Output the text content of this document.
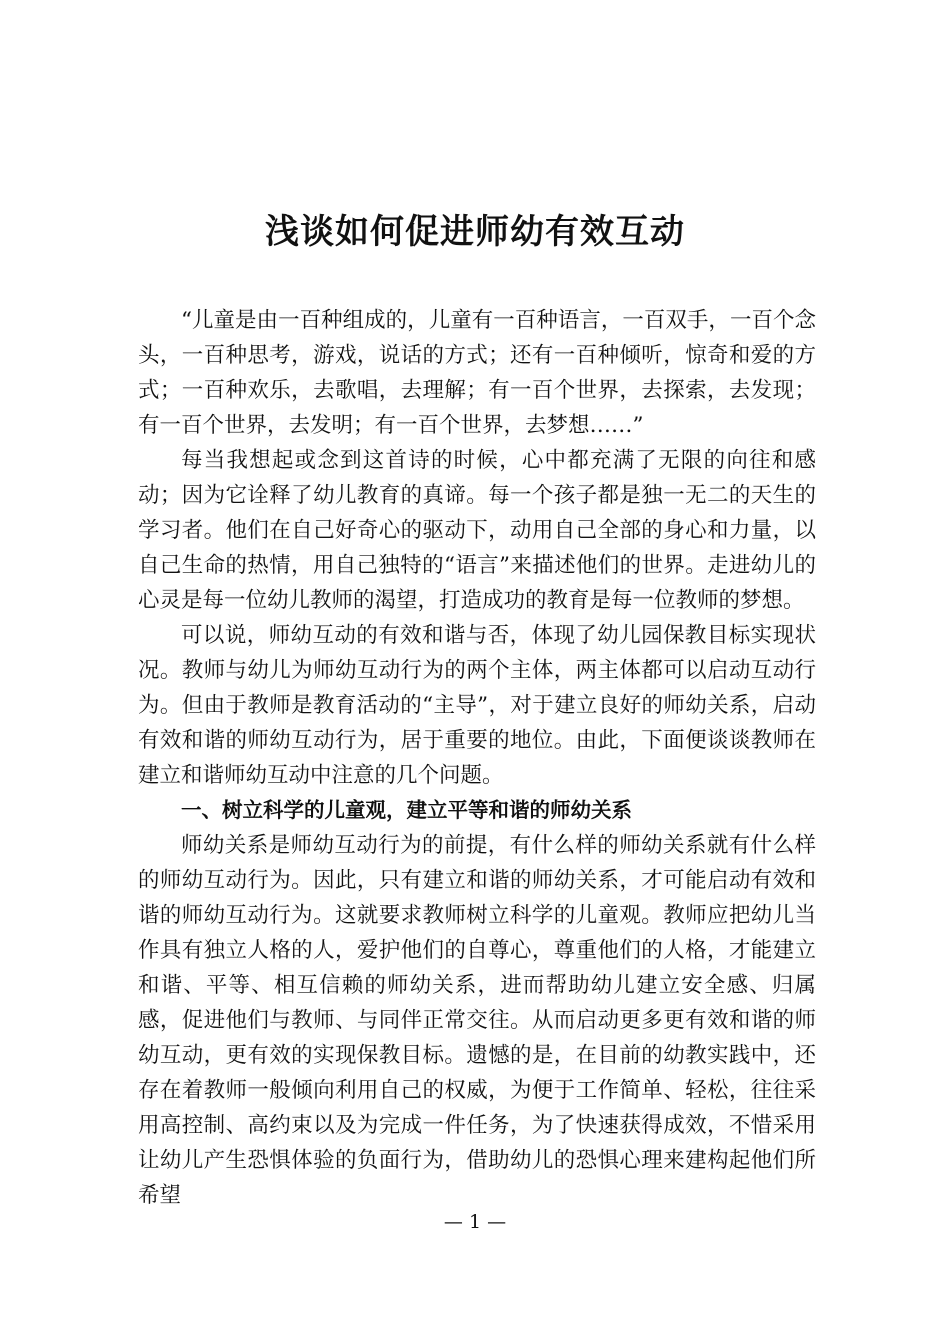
浅谈如何促进师幼有效互动

“儿童是由一百种组成的，儿童有一百种语言，一百双手，一百个念头，一百种思考，游戏，说话的方式；还有一百种倾听，惊奇和爱的方式；一百种欢乐，去歌唱，去理解；有一百个世界，去探索，去发现；有一百个世界，去发明；有一百个世界，去梦想……”

每当我想起或念到这首诗的时候，心中都充满了无限的向往和感动；因为它诠释了幼儿教育的真谛。每一个孩子都是独一无二的天生的学习者。他们在自己好奇心的驱动下，动用自己全部的身心和力量，以自己生命的热情，用自己独特的“语言”来描述他们的世界。走进幼儿的心灵是每一位幼儿教师的渴望，打造成功的教育是每一位教师的梦想。

可以说，师幼互动的有效和谐与否，体现了幼儿园保教目标实现状况。教师与幼儿为师幼互动行为的两个主体，两主体都可以启动互动行为。但由于教师是教育活动的“主导”，对于建立良好的师幼关系，启动有效和谐的师幼互动行为，居于重要的地位。由此，下面便谈谈教师在建立和谐师幼互动中注意的几个问题。

一、树立科学的儿童观，建立平等和谐的师幼关系

师幼关系是师幼互动行为的前提，有什么样的师幼关系就有什么样的师幼互动行为。因此，只有建立和谐的师幼关系，才可能启动有效和谐的师幼互动行为。这就要求教师树立科学的儿童观。教师应把幼儿当作具有独立人格的人，爱护他们的自尊心，尊重他们的人格，才能建立和谐、平等、相互信赖的师幼关系，进而帮助幼儿建立安全感、归属感，促进他们与教师、与同伴正常交往。从而启动更多更有效和谐的师幼互动，更有效的实现保教目标。遗憾的是，在目前的幼教实践中，还存在着教师一般倾向利用自己的权威，为便于工作简单、轻松，往往采用高控制、高约束以及为完成一件任务，为了快速获得成效，不惜采用让幼儿产生恐惧体验的负面行为，借助幼儿的恐惧心理来建构起他们所希望

— 1 —
